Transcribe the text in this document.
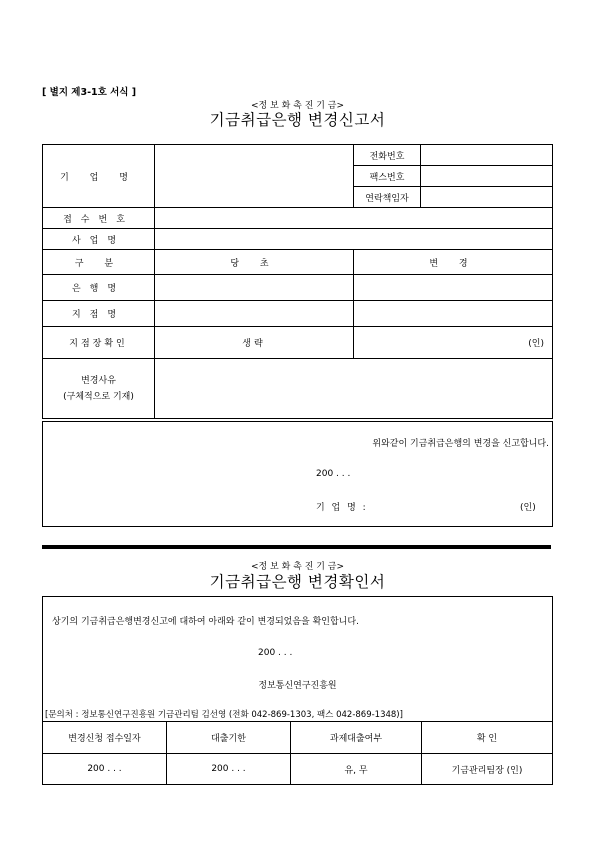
[ 별지 제3-1호 서식 ]
<정 보 화 촉 진 기 금>
기금취급은행 변경신고서
기 업 명		전화번호	
		팩스번호	
		연락책임자	
접수번호		
사업명		
구 분	당 초	변 경
은행명		
지점명		
지점장확인	생략	(인)

변경사유
(구체적으로 기재)		

위와같이 기금취급은행의 변경을 신고합니다.
200 . . .
기 업 명 :	(인)
<정 보 화 촉 진 기 금>
기금취급은행 변경확인서
상기의 기금취급은행변경신고에 대하여 아래와 같이 변경되었음을 확인합니다.
200 . . .
정보통신연구진흥원
[문의처 : 정보통신연구진흥원 기금관리팀 김선영 (전화 042-869-1303, 팩스 042-869-1348)]
변경신청 접수일자	대출기한	과제대출여부	확 인
200 . . .	200 . . .	유, 무	기금관리팀장 (인)
